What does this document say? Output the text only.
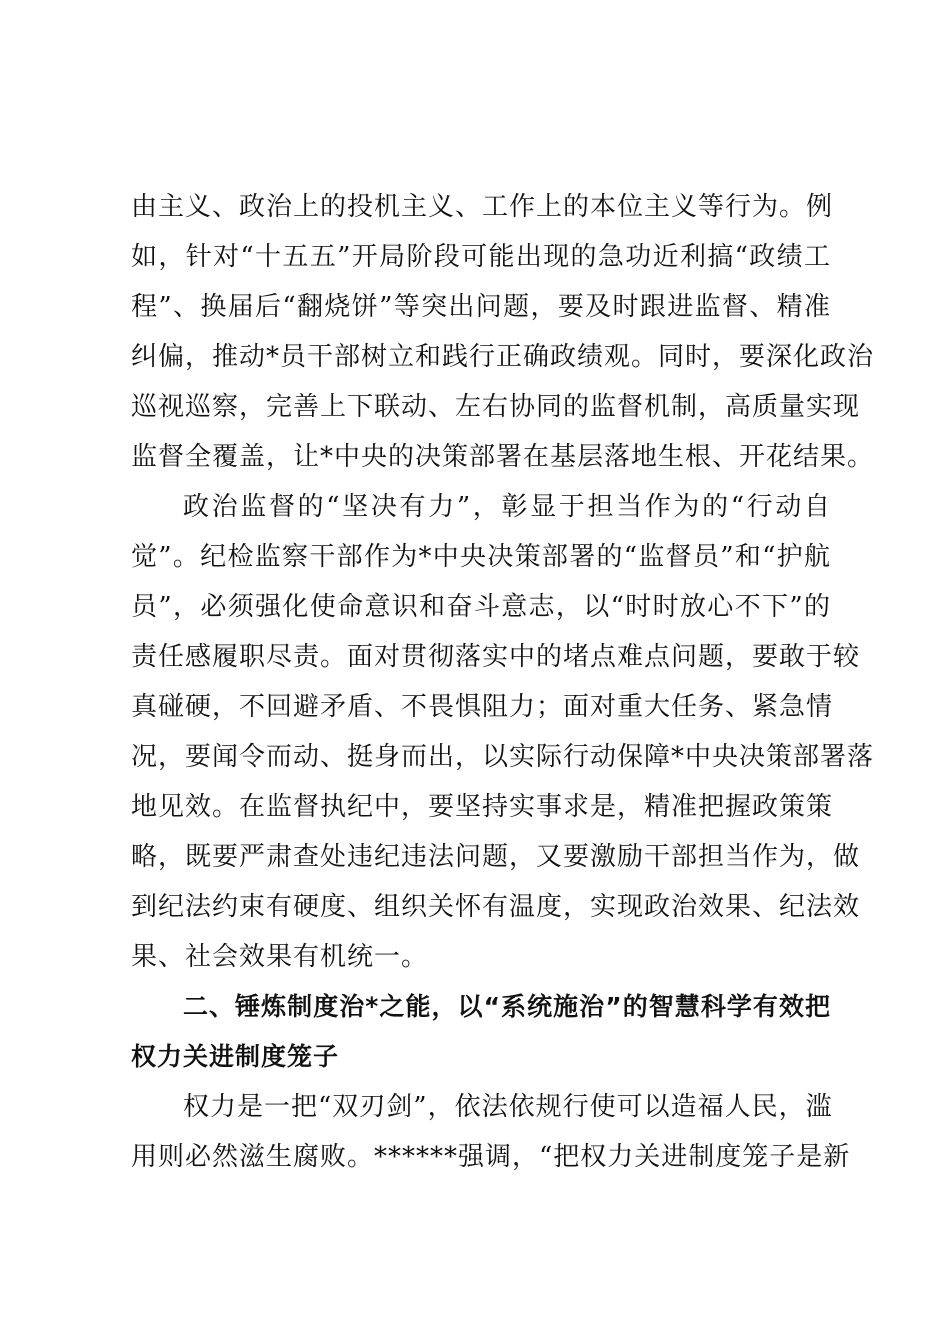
由主义、政治上的投机主义、工作上的本位主义等行为。例
如，针对“十五五”开局阶段可能出现的急功近利搞“政绩工
程”、换届后“翻烧饼”等突出问题，要及时跟进监督、精准
纠偏，推动*员干部树立和践行正确政绩观。同时，要深化政治
巡视巡察，完善上下联动、左右协同的监督机制，高质量实现
监督全覆盖，让*中央的决策部署在基层落地生根、开花结果。
政治监督的“坚决有力”，彰显于担当作为的“行动自
觉”。纪检监察干部作为*中央决策部署的“监督员”和“护航
员”，必须强化使命意识和奋斗意志，以“时时放心不下”的
责任感履职尽责。面对贯彻落实中的堵点难点问题，要敢于较
真碰硬，不回避矛盾、不畏惧阻力；面对重大任务、紧急情
况，要闻令而动、挺身而出，以实际行动保障*中央决策部署落
地见效。在监督执纪中，要坚持实事求是，精准把握政策策
略，既要严肃查处违纪违法问题，又要激励干部担当作为，做
到纪法约束有硬度、组织关怀有温度，实现政治效果、纪法效
果、社会效果有机统一。
二、锤炼制度治*之能，以“系统施治”的智慧科学有效把
权力关进制度笼子
权力是一把“双刃剑”，依法依规行使可以造福人民，滥
用则必然滋生腐败。******强调，“把权力关进制度笼子是新
